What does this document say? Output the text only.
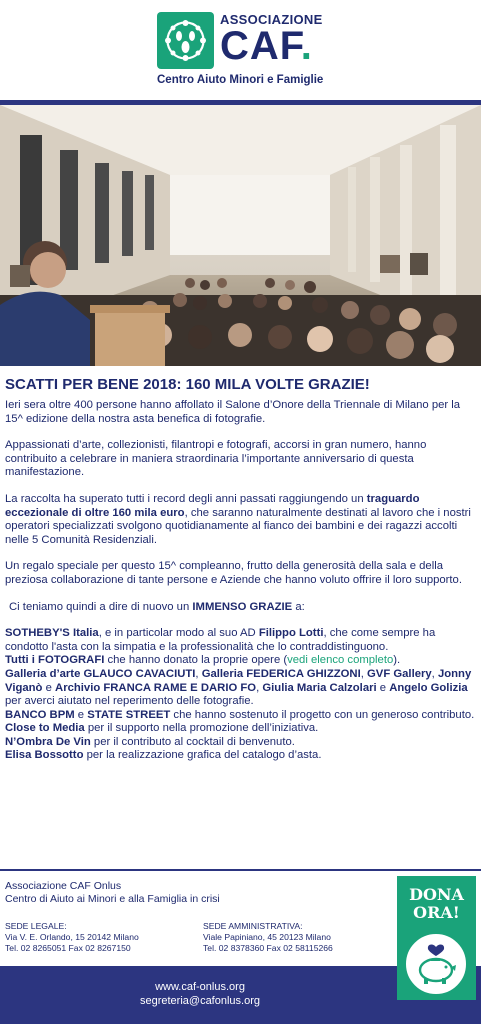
ASSOCIAZIONE
CAF.
Centro Aiuto Minori e Famiglie
SCATTI PER BENE 2018: 160 MILA VOLTE GRAZIE!

Ieri sera oltre 400 persone hanno affollato il Salone d’Onore della Triennale di Milano per la 15^ edizione della nostra asta benefica di fotografie.

Appassionati d’arte, collezionisti, filantropi e fotografi, accorsi in gran numero, hanno contribuito a celebrare in maniera straordinaria l’importante anniversario di questa manifestazione.

La raccolta ha superato tutti i record degli anni passati raggiungendo un traguardo eccezionale di oltre 160 mila euro, che saranno naturalmente destinati al lavoro che i nostri operatori specializzati svolgono quotidianamente al fianco dei bambini e dei ragazzi accolti nelle 5 Comunità Residenziali.

Un regalo speciale per questo 15^ compleanno, frutto della generosità della sala e della preziosa collaborazione di tante persone e Aziende che hanno voluto offrire il loro supporto.

Ci teniamo quindi a dire di nuovo un IMMENSO GRAZIE a:

SOTHEBY'S Italia, e in particolar modo al suo AD Filippo Lotti, che come sempre ha condotto l'asta con la simpatia e la professionalità che lo contraddistinguono.

Tutti i FOTOGRAFI che hanno donato la proprie opere (vedi elenco completo).

Galleria d’arte GLAUCO CAVACIUTI, Galleria FEDERICA GHIZZONI, GVF Gallery, Jonny Viganò e Archivio FRANCA RAME E DARIO FO, Giulia Maria Calzolari e Angelo Golizia per averci aiutato nel reperimento delle fotografie.

BANCO BPM e STATE STREET che hanno sostenuto il progetto con un generoso contributo.

Close to Media per il supporto nella promozione dell’iniziativa.

N’Ombra De Vin per il contributo al cocktail di benvenuto.

Elisa Bossotto per la realizzazione grafica del catalogo d’asta.

Associazione CAF Onlus
Centro di Aiuto ai Minori e alla Famiglia in crisi
SEDE LEGALE:
Via V. E. Orlando, 15 20142 Milano
Tel. 02 8265051 Fax 02 8267150
SEDE AMMINISTRATIVA:
Viale Papiniano, 45 20123 Milano
Tel. 02 8378360 Fax 02 58115266
www.caf-onlus.org
segreteria@cafonlus.org
DONA
ORA!
